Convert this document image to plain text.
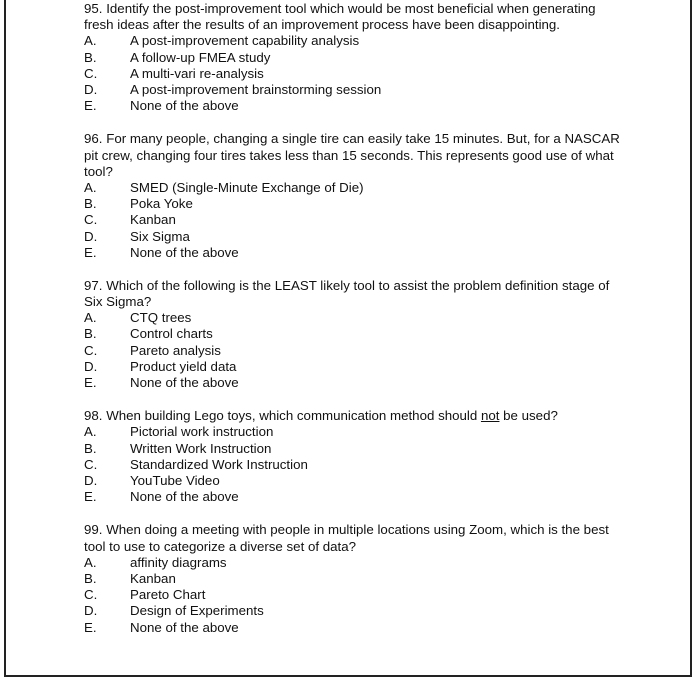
95. Identify the post-improvement tool which would be most beneficial when generating fresh ideas after the results of an improvement process have been disappointing.
A.	A post-improvement capability analysis
B.	A follow-up FMEA study
C.	A multi-vari re-analysis
D.	A post-improvement brainstorming session
E.	None of the above
96. For many people, changing a single tire can easily take 15 minutes. But, for a NASCAR pit crew, changing four tires takes less than 15 seconds. This represents good use of what tool?
A.	SMED (Single-Minute Exchange of Die)
B.	Poka Yoke
C.	Kanban
D.	Six Sigma
E.	None of the above
97. Which of the following is the LEAST likely tool to assist the problem definition stage of Six Sigma?
A.	CTQ trees
B.	Control charts
C.	Pareto analysis
D.	Product yield data
E.	None of the above
98. When building Lego toys, which communication method should not be used?
A.	Pictorial work instruction
B.	Written Work Instruction
C.	Standardized Work Instruction
D.	YouTube Video
E.	None of the above
99. When doing a meeting with people in multiple locations using Zoom, which is the best tool to use to categorize a diverse set of data?
A.	affinity diagrams
B.	Kanban
C.	Pareto Chart
D.	Design of Experiments
E.	None of the above
